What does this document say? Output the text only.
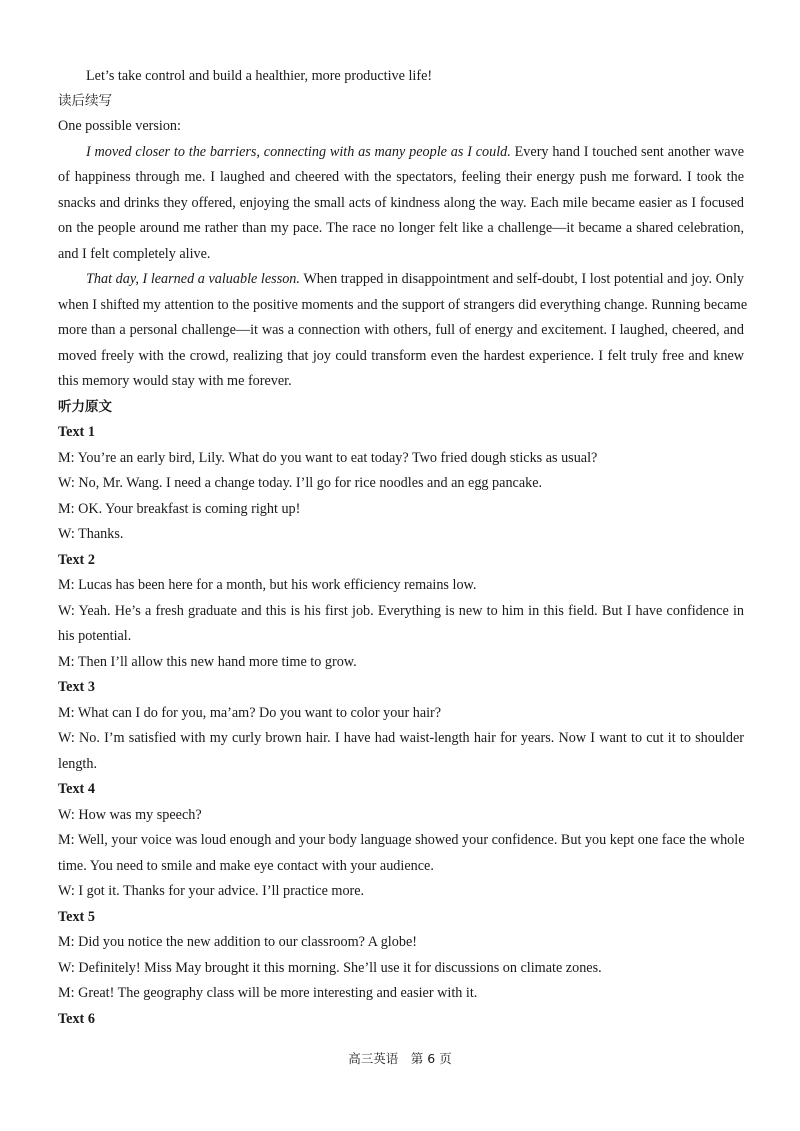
Let’s take control and build a healthier, more productive life!
读后续写
One possible version:
I moved closer to the barriers, connecting with as many people as I could. Every hand I touched sent another wave
of happiness through me. I laughed and cheered with the spectators, feeling their energy push me forward. I took the
snacks and drinks they offered, enjoying the small acts of kindness along the way. Each mile became easier as I focused
on the people around me rather than my pace. The race no longer felt like a challenge—it became a shared celebration,
and I felt completely alive.
That day, I learned a valuable lesson. When trapped in disappointment and self-doubt, I lost potential and joy. Only
when I shifted my attention to the positive moments and the support of strangers did everything change. Running became
more than a personal challenge—it was a connection with others, full of energy and excitement. I laughed, cheered, and
moved freely with the crowd, realizing that joy could transform even the hardest experience. I felt truly free and knew
this memory would stay with me forever.
听力原文
Text 1
M: You’re an early bird, Lily. What do you want to eat today? Two fried dough sticks as usual?
W: No, Mr. Wang. I need a change today. I’ll go for rice noodles and an egg pancake.
M: OK. Your breakfast is coming right up!
W: Thanks.
Text 2
M: Lucas has been here for a month, but his work efficiency remains low.
W: Yeah. He’s a fresh graduate and this is his first job. Everything is new to him in this field. But I have confidence in
his potential.
M: Then I’ll allow this new hand more time to grow.
Text 3
M: What can I do for you, ma’am? Do you want to color your hair?
W: No. I’m satisfied with my curly brown hair. I have had waist-length hair for years. Now I want to cut it to shoulder
length.
Text 4
W: How was my speech?
M: Well, your voice was loud enough and your body language showed your confidence. But you kept one face the whole
time. You need to smile and make eye contact with your audience.
W: I got it. Thanks for your advice. I’ll practice more.
Text 5
M: Did you notice the new addition to our classroom? A globe!
W: Definitely! Miss May brought it this morning. She’ll use it for discussions on climate zones.
M: Great! The geography class will be more interesting and easier with it.
Text 6
高三英语　第 6 页
